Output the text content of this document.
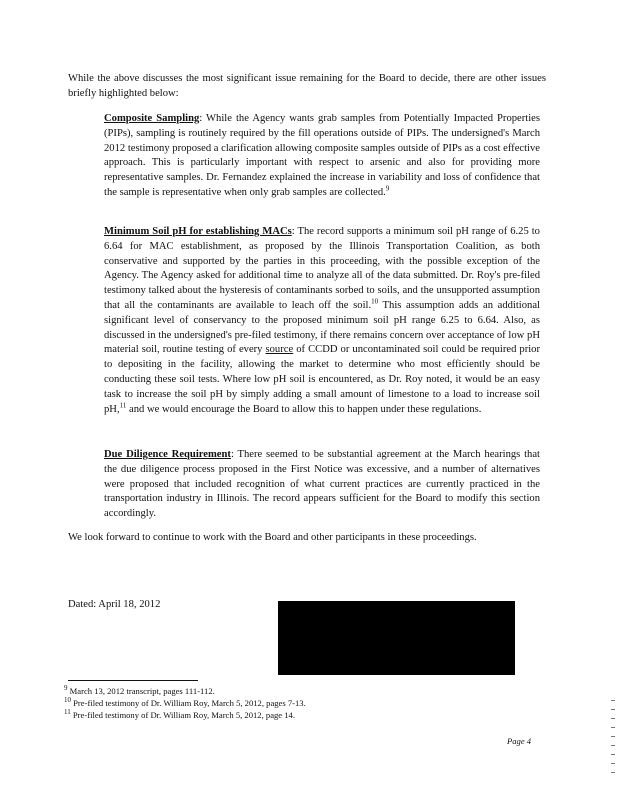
While the above discusses the most significant issue remaining for the Board to decide, there are other issues briefly highlighted below:

Composite Sampling: While the Agency wants grab samples from Potentially Impacted Properties (PIPs), sampling is routinely required by the fill operations outside of PIPs. The undersigned's March 2012 testimony proposed a clarification allowing composite samples outside of PIPs as a cost effective approach. This is particularly important with respect to arsenic and also for providing more representative samples. Dr. Fernandez explained the increase in variability and loss of confidence that the sample is representative when only grab samples are collected.$^9$

Minimum Soil pH for establishing MACs: The record supports a minimum soil pH range of 6.25 to 6.64 for MAC establishment, as proposed by the Illinois Transportation Coalition, as both conservative and supported by the parties in this proceeding, with the possible exception of the Agency. The Agency asked for additional time to analyze all of the data submitted. Dr. Roy's pre-filed testimony talked about the hysteresis of contaminants sorbed to soils, and the unsupported assumption that all the contaminants are available to leach off the soil.$^{10}$ This assumption adds an additional significant level of conservancy to the proposed minimum soil pH range 6.25 to 6.64. Also, as discussed in the undersigned's pre-filed testimony, if there remains concern over acceptance of low pH material soil, routine testing of every source of CCDD or uncontaminated soil could be required prior to depositing in the facility, allowing the market to determine who most efficiently should be conducting these soil tests. Where low pH soil is encountered, as Dr. Roy noted, it would be an easy task to increase the soil pH by simply adding a small amount of limestone to a load to increase soil pH,$^{11}$ and we would encourage the Board to allow this to happen under these regulations.

Due Diligence Requirement: There seemed to be substantial agreement at the March hearings that the due diligence process proposed in the First Notice was excessive, and a number of alternatives were proposed that included recognition of what current practices are currently practiced in the transportation industry in Illinois. The record appears sufficient for the Board to modify this section accordingly.

We look forward to continue to work with the Board and other participants in these proceedings.

Dated: April 18, 2012
$^9$ March 13, 2012 transcript, pages 111-112.
$^{10}$ Pre-filed testimony of Dr. William Roy, March 5, 2012, pages 7-13.
$^{11}$ Pre-filed testimony of Dr. William Roy, March 5, 2012, page 14.
Page 4
